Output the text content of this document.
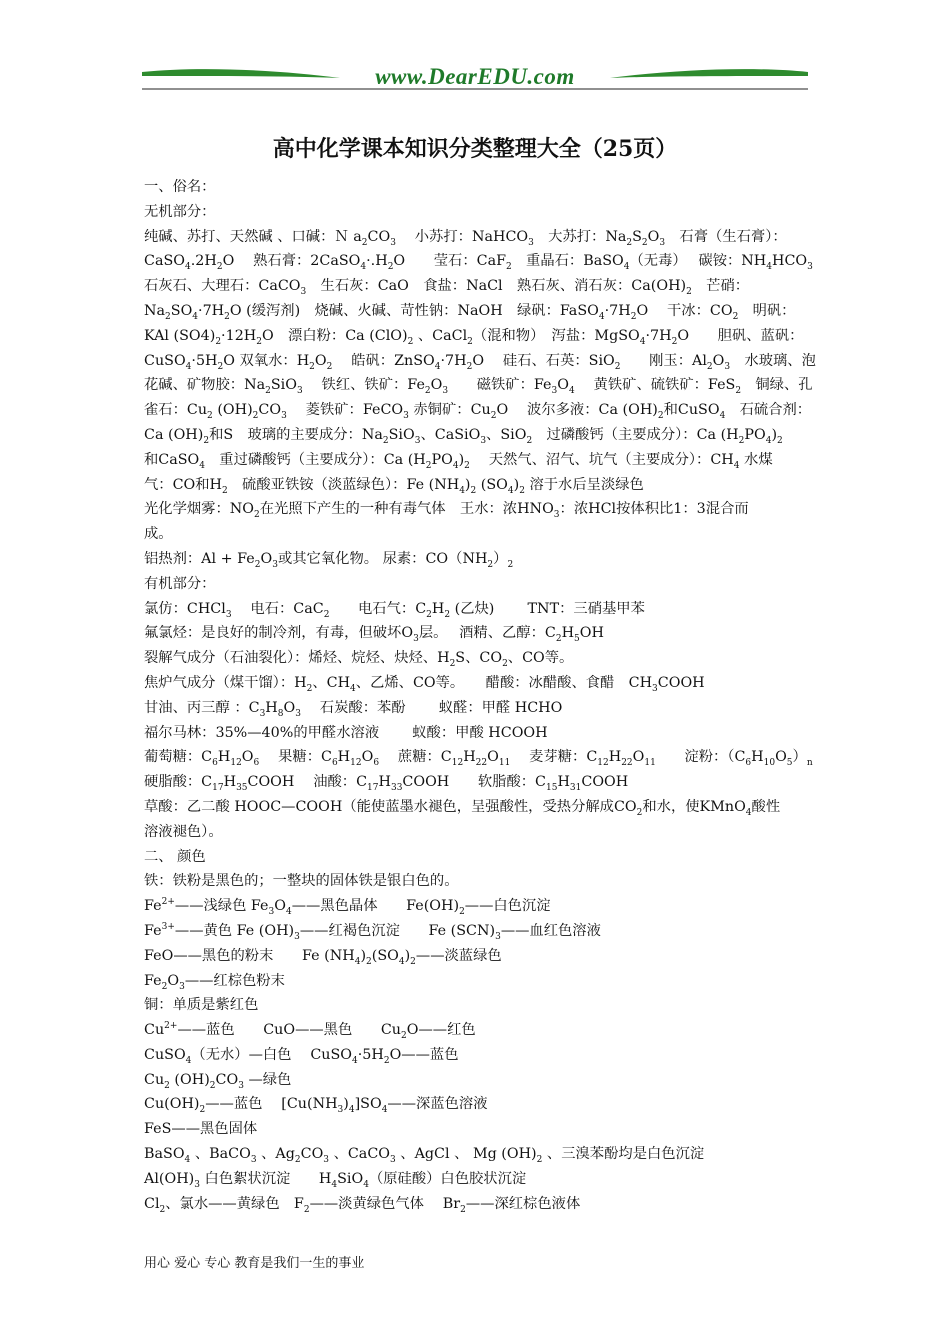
www.DearEDU.com
高中化学课本知识分类整理大全（25页）
一、俗名：
无机部分：
纯碱、苏打、天然碱 、口碱：Ｎ $a_2CO_3$　 小苏打：NaHCO$_3$　大苏打：$Na_2S_2O_3$　石膏（生石膏）：
$CaSO_4.2H_2O$　 熟石膏：$2CaSO_4\cdot.H_2O$　　莹石：CaF$_2$　重晶石：BaSO$_4$（无毒）　 碳铵：$NH_4HCO_3$
石灰石、大理石：CaCO$_3$　生石灰：CaO　食盐：NaCl　熟石灰、消石灰：$Ca(OH)_2$　芒硝：
$Na_2SO_4\cdot 7H_2O$ (缓泻剂)　烧碱、火碱、苛性钠：NaOH　绿矾：$FaSO_4\cdot 7H_2O$　 干冰：$CO_2$　明矾：
KAl $(SO4)_2\cdot 12H_2O$　漂白粉：Ca $(ClO)_2$ 、CaCl$_2$（混和物）　泻盐：$MgSO_4\cdot 7H_2O$　　胆矾、蓝矾：
$CuSO_4\cdot 5H_2O$ 双氧水：$H_2O_2$　 皓矾：$ZnSO_4\cdot 7H_2O$　 硅石、石英：SiO$_2$　　刚玉：$Al_2O_3$　水玻璃、泡
花碱、矿物胶：$Na_2SiO_3$　 铁红、铁矿：$Fe_2O_3$　　磁铁矿：$Fe_3O_4$　 黄铁矿、硫铁矿：FeS$_2$　铜绿、孔
雀石：$Cu_2$ $(OH)_2CO_3$　 菱铁矿：FeCO$_3$ 赤铜矿：$Cu_2O$　 波尔多液：Ca $(OH)_2$和CuSO$_4$　石硫合剂：
Ca $(OH)_2$和S　玻璃的主要成分：$Na_2SiO_3$、CaSiO$_3$、SiO$_2$　过磷酸钙（主要成分）：Ca $(H_2PO_4)_2$
和CaSO$_4$　重过磷酸钙（主要成分）：Ca $(H_2PO_4)_2$　 天然气、沼气、坑气（主要成分）：$CH_4$ 水煤
气：CO和$H_2$　硫酸亚铁铵（淡蓝绿色）：Fe $(NH_4)_2$ $(SO_4)_2$ 溶于水后呈淡绿色
光化学烟雾：$NO_2$在光照下产生的一种有毒气体　王水：浓$HNO_3$：浓HCl按体积比1：3混合而
成。
铝热剂：$Al + Fe_2O_3$或其它氧化物。 尿素：$CO(NH_2)_2$
有机部分：
氯仿：CHCl$_3$　 电石：CaC$_2$　　电石气：$C_2H_2$ (乙炔)　　 TNT：三硝基甲苯
氟氯烃：是良好的制冷剂，有毒，但破坏$O_3$层。　 酒精、乙醇：$C_2H_5OH$
裂解气成分（石油裂化）：烯烃、烷烃、炔烃、$H_2S$、$CO_2$、CO等。
焦炉气成分（煤干馏）：$H_2$、$CH_4$、乙烯、CO等。　　醋酸：冰醋酸、食醋　$CH_3COOH$
甘油、丙三醇 ：$C_3H_8O_3$　 石炭酸：苯酚　　 蚁醛：甲醛 HCHO
福尔马林：35%—40%的甲醛水溶液　　 蚁酸：甲酸 HCOOH
葡萄糖：$C_6H_{12}O_6$　 果糖：$C_6H_{12}O_6$　 蔗糖：$C_{12}H_{22}O_{11}$　 麦芽糖：$C_{12}H_{22}O_{11}$　　淀粉：$(C_6H_{10}O_5)_n$
硬脂酸：$C_{17}H_{35}COOH$　 油酸：$C_{17}H_{33}COOH$　　软脂酸：$C_{15}H_{31}COOH$
草酸：乙二酸 HOOC—COOH（能使蓝墨水褪色，呈强酸性，受热分解成$CO_2$和水，使KMnO$_4$酸性
溶液褪色）。
二、 颜色
铁：铁粉是黑色的；一整块的固体铁是银白色的。
$Fe^{2+}——$浅绿色 $Fe_3O_4——$黑色晶体　　$Fe(OH)_2——$白色沉淀
$Fe^{3+}——$黄色 Fe $(OH)_3——$红褐色沉淀　　Fe $(SCN)_3——$血红色溶液
FeO——黑色的粉末　　Fe $(NH_4)_2(SO_4)_2——$淡蓝绿色
$Fe_2O_3——$红棕色粉末
铜：单质是紫红色
$Cu^{2+}——$蓝色　　CuO——黑色　　$Cu_2O——$红色
CuSO$_4$（无水）—白色　 $CuSO_4\cdot 5H_2O——$蓝色
$Cu_2$ $(OH)_2CO_3$ —绿色
$Cu(OH)_2——$蓝色　 $[Cu(NH_3)_4]SO_4——$深蓝色溶液
FeS——黑色固体
BaSO$_4$ 、BaCO$_3$ 、$Ag_2CO_3$ 、CaCO$_3$ 、AgCl 、 Mg $(OH)_2$ 、三溴苯酚均是白色沉淀
$Al(OH)_3$ 白色絮状沉淀　　$H_4SiO_4$（原硅酸）白色胶状沉淀
$Cl_2$、氯水——黄绿色　$F_2——$淡黄绿色气体　 $Br_2——$深红棕色液体
用心 爱心 专心 教育是我们一生的事业
